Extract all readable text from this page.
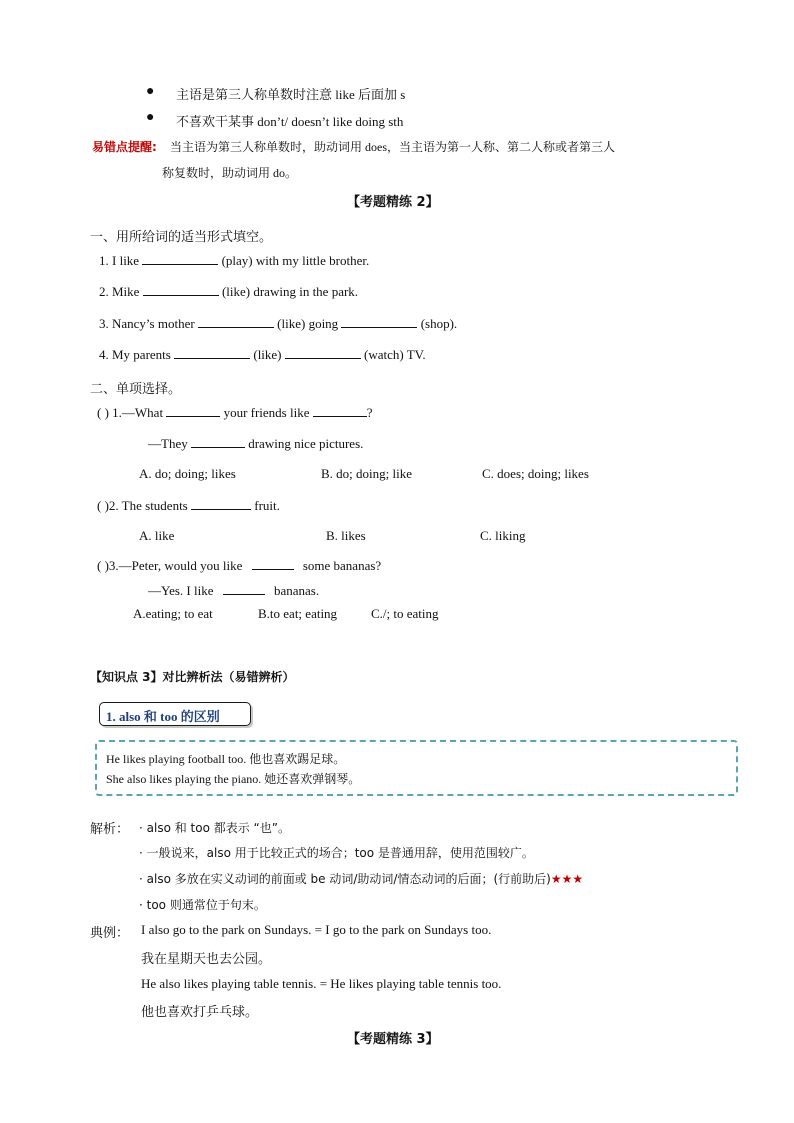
● 主语是第三人称单数时注意 like 后面加 s
● 不喜欢干某事 don’t/ doesn’t like doing sth
易错点提醒: 当主语为第三人称单数时，助动词用 does，当主语为第一人称、第二人称或者第三人
称复数时，助动词用 do。
【考题精练 2】
一、用所给词的适当形式填空。
1. I like	(play) with my little brother.
2. Mike	(like) drawing in the park.
3. Nancy’s mother	(like) going	(shop).
4. My parents	(like)	(watch) TV.
二、单项选择。
( ) 1.—What	your friends like	?
—They	drawing nice pictures.
A. do; doing; likes	B. do; doing; like	C. does; doing; likes
( )2. The students	fruit.
A. like	B. likes	C. liking
( )3.—Peter, would you like	some bananas?
—Yes. I like	bananas.
A.eating; to eat	B.to eat; eating	C./; to eating
【知识点 3】对比辨析法（易错辨析）
1. also 和 too 的区别
He likes playing football too. 他也喜欢踢足球。
She also likes playing the piano. 她还喜欢弹钢琴。
解析： · also 和 too 都表示 “也”。
· 一般说来，also 用于比较正式的场合；too 是普通用辞，使用范围较广。
· also 多放在实义动词的前面或 be 动词/助动词/情态动词的后面；(行前助后)★★★
· too 则通常位于句末。
典例： I also go to the park on Sundays. = I go to the park on Sundays too.
我在星期天也去公园。
He also likes playing table tennis. = He likes playing table tennis too.
他也喜欢打乒乓球。
【考题精练 3】
